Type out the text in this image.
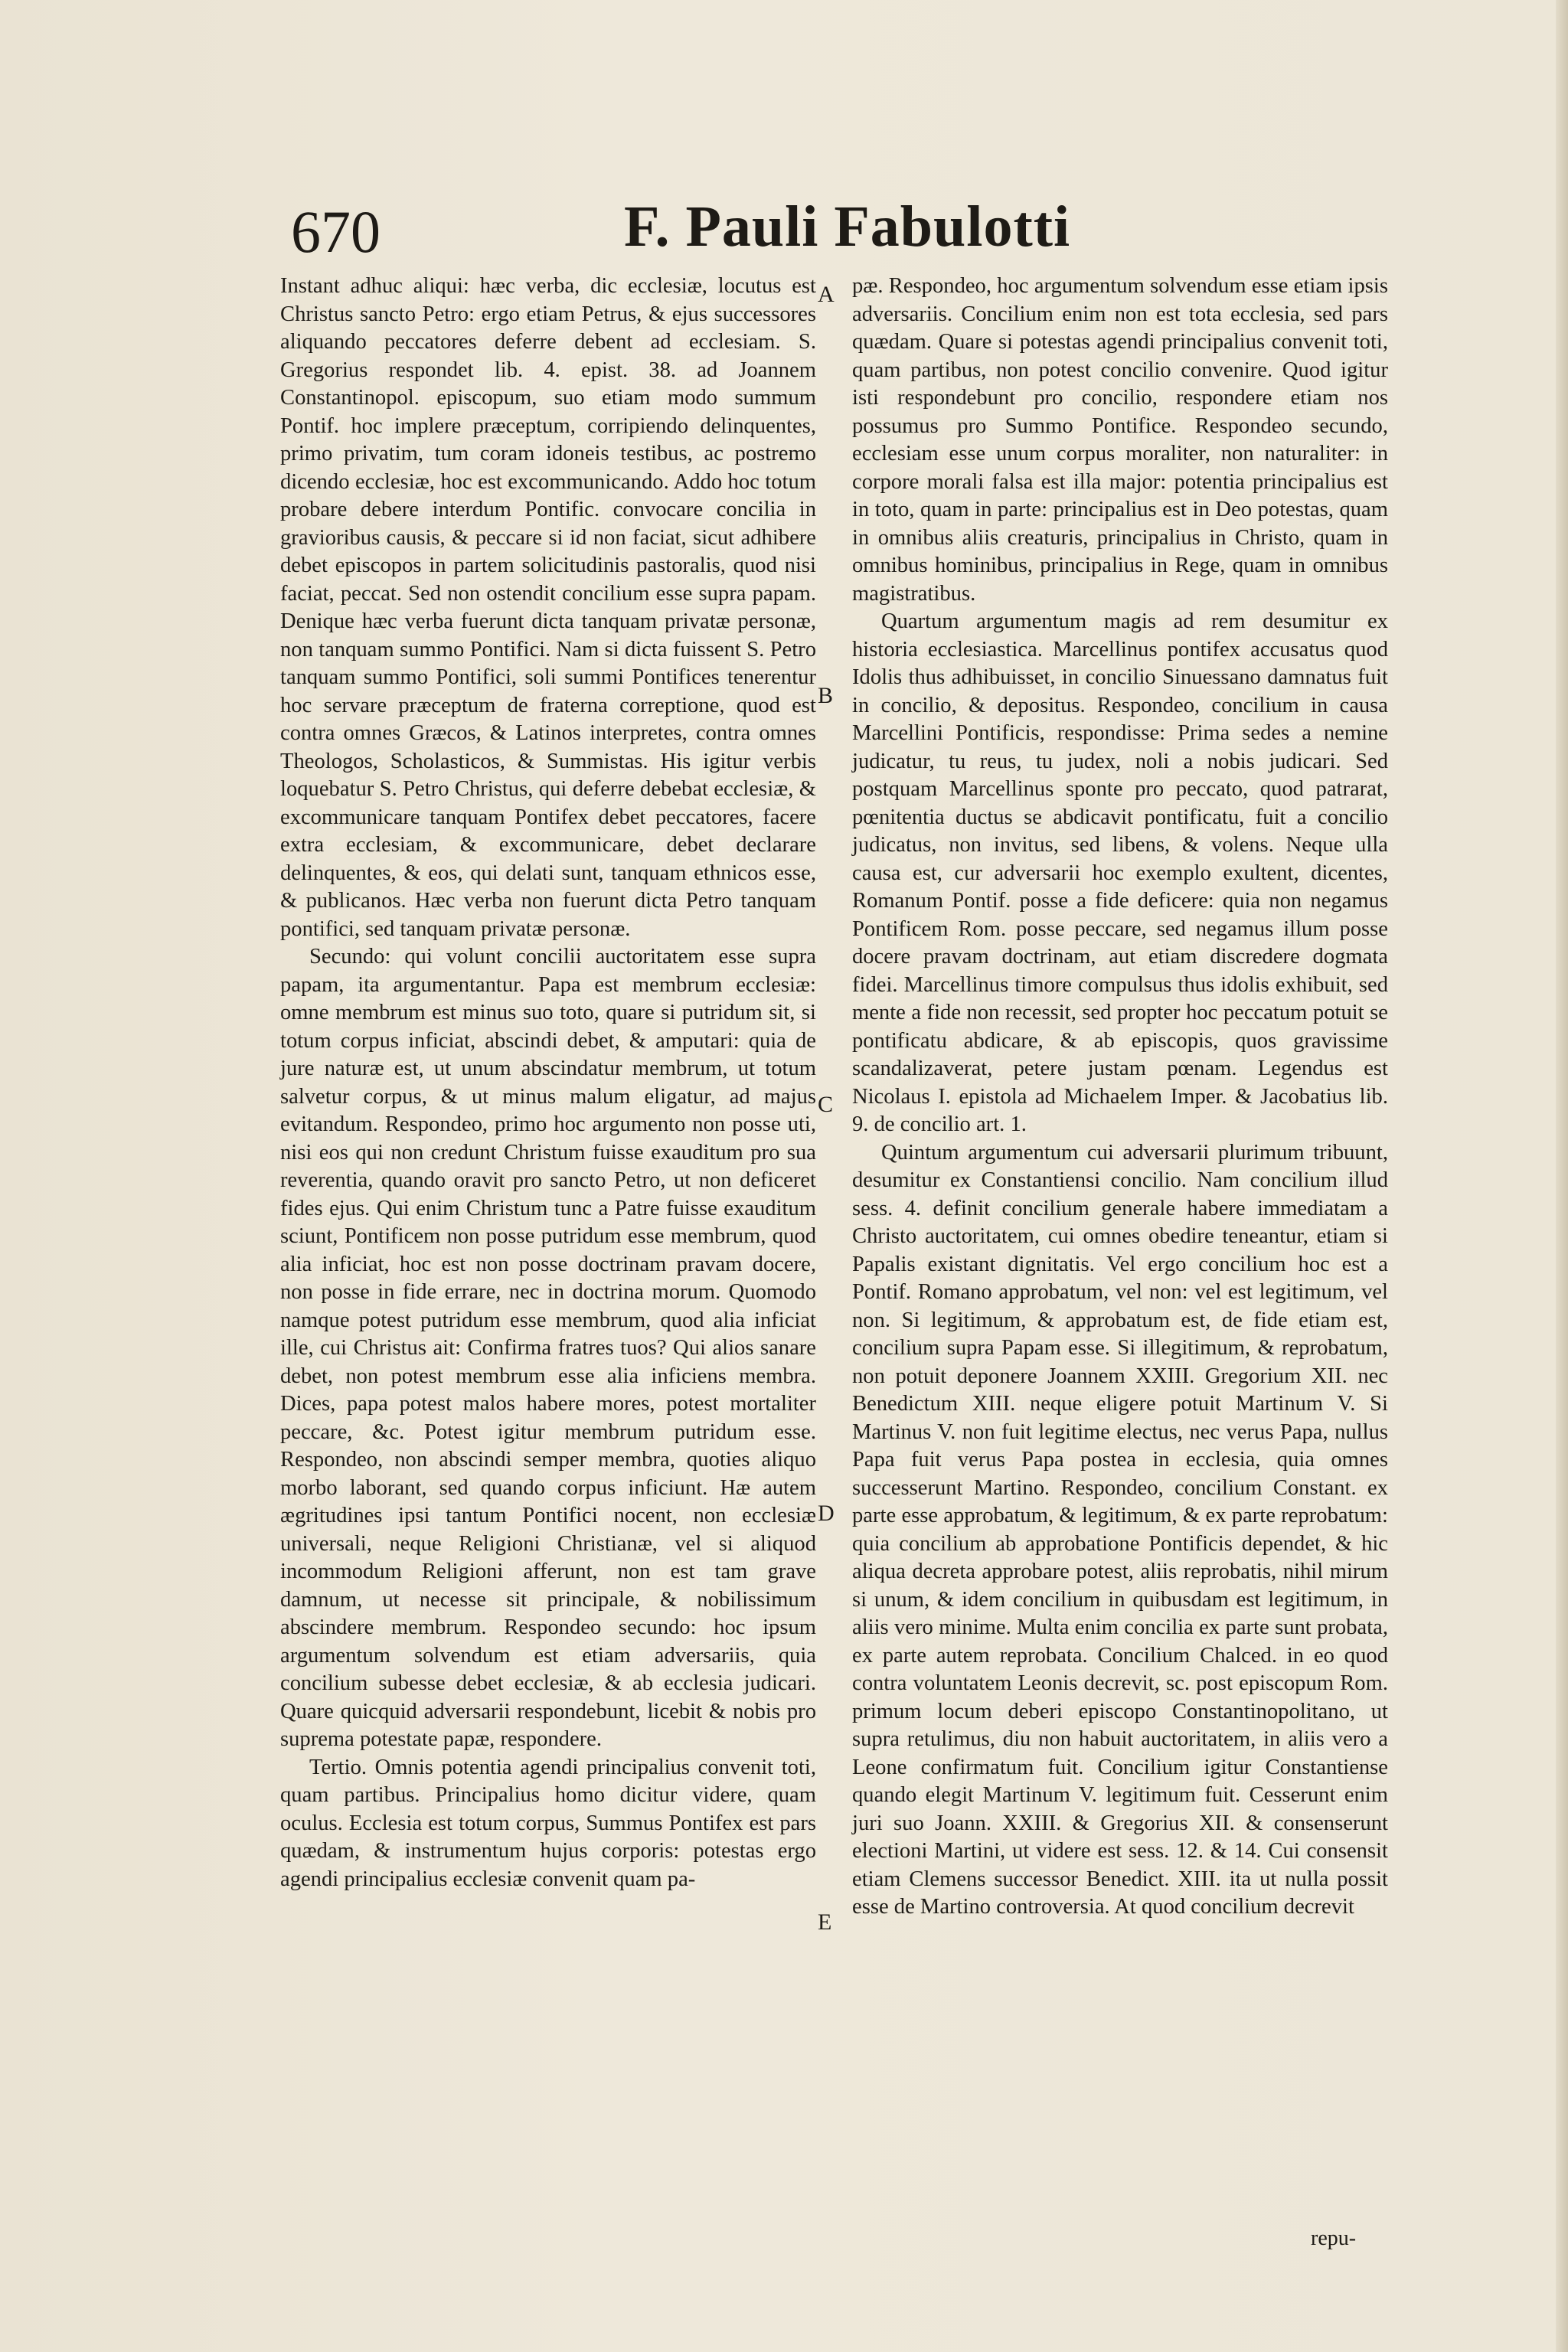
670	F. Pauli Fabulotti

Instant adhuc aliqui: hæc verba, dic ecclesiæ, locutus est Christus sancto Petro: ergo etiam Petrus, & ejus successores aliquando peccatores deferre debent ad ecclesiam. S. Gregorius respondet lib. 4. epist. 38. ad Joannem Constantinopol. episcopum, suo etiam modo summum Pontif. hoc implere præceptum, corripiendo delinquentes, primo privatim, tum coram idoneis testibus, ac postremo dicendo ecclesiæ, hoc est excommunicando. Addo hoc totum probare debere interdum Pontific. convocare concilia in gravioribus causis, & peccare si id non faciat, sicut adhibere debet episcopos in partem solicitudinis pastoralis, quod nisi faciat, peccat. Sed non ostendit concilium esse supra papam. Denique hæc verba fuerunt dicta tanquam privatæ personæ, non tanquam summo Pontifici. Nam si dicta fuissent S. Petro tanquam summo Pontifici, soli summi Pontifices tenerentur hoc servare præceptum de fraterna correptione, quod est contra omnes Græcos, & Latinos interpretes, contra omnes Theologos, Scholasticos, & Summistas. His igitur verbis loquebatur S. Petro Christus, qui deferre debebat ecclesiæ, & excommunicare tanquam Pontifex debet peccatores, facere extra ecclesiam, & excommunicare, debet declarare delinquentes, & eos, qui delati sunt, tanquam ethnicos esse, & publicanos. Hæc verba non fuerunt dicta Petro tanquam pontifici, sed tanquam privatæ personæ.

Secundo: qui volunt concilii auctoritatem esse supra papam, ita argumentantur. Papa est membrum ecclesiæ: omne membrum est minus suo toto, quare si putridum sit, si totum corpus inficiat, abscindi debet, & amputari: quia de jure naturæ est, ut unum abscindatur membrum, ut totum salvetur corpus, & ut minus malum eligatur, ad majus evitandum. Respondeo, primo hoc argumento non posse uti, nisi eos qui non credunt Christum fuisse exauditum pro sua reverentia, quando oravit pro sancto Petro, ut non deficeret fides ejus. Qui enim Christum tunc a Patre fuisse exauditum sciunt, Pontificem non posse putridum esse membrum, quod alia inficiat, hoc est non posse doctrinam pravam docere, non posse in fide errare, nec in doctrina morum. Quomodo namque potest putridum esse membrum, quod alia inficiat ille, cui Christus ait: Confirma fratres tuos? Qui alios sanare debet, non potest membrum esse alia inficiens membra. Dices, papa potest malos habere mores, potest mortaliter peccare, &c. Potest igitur membrum putridum esse. Respondeo, non abscindi semper membra, quoties aliquo morbo laborant, sed quando corpus inficiunt. Hæ autem ægritudines ipsi tantum Pontifici nocent, non ecclesiæ universali, neque Religioni Christianæ, vel si aliquod incommodum Religioni afferunt, non est tam grave damnum, ut necesse sit principale, & nobilissimum abscindere membrum. Respondeo secundo: hoc ipsum argumentum solvendum est etiam adversariis, quia concilium subesse debet ecclesiæ, & ab ecclesia judicari. Quare quicquid adversarii respondebunt, licebit & nobis pro suprema potestate papæ, respondere.

Tertio. Omnis potentia agendi principalius convenit toti, quam partibus. Principalius homo dicitur videre, quam oculus. Ecclesia est totum corpus, Summus Pontifex est pars quædam, & instrumentum hujus corporis: potestas ergo agendi principalius ecclesiæ convenit quam pa-

A
B
C
D
E

pæ. Respondeo, hoc argumentum solvendum esse etiam ipsis adversariis. Concilium enim non est tota ecclesia, sed pars quædam. Quare si potestas agendi principalius convenit toti, quam partibus, non potest concilio convenire. Quod igitur isti respondebunt pro concilio, respondere etiam nos possumus pro Summo Pontifice. Respondeo secundo, ecclesiam esse unum corpus moraliter, non naturaliter: in corpore morali falsa est illa major: potentia principalius est in toto, quam in parte: principalius est in Deo potestas, quam in omnibus aliis creaturis, principalius in Christo, quam in omnibus hominibus, principalius in Rege, quam in omnibus magistratibus.

Quartum argumentum magis ad rem desumitur ex historia ecclesiastica. Marcellinus pontifex accusatus quod Idolis thus adhibuisset, in concilio Sinuessano damnatus fuit in concilio, & depositus. Respondeo, concilium in causa Marcellini Pontificis, respondisse: Prima sedes a nemine judicatur, tu reus, tu judex, noli a nobis judicari. Sed postquam Marcellinus sponte pro peccato, quod patrarat, pœnitentia ductus se abdicavit pontificatu, fuit a concilio judicatus, non invitus, sed libens, & volens. Neque ulla causa est, cur adversarii hoc exemplo exultent, dicentes, Romanum Pontif. posse a fide deficere: quia non negamus Pontificem Rom. posse peccare, sed negamus illum posse docere pravam doctrinam, aut etiam discredere dogmata fidei. Marcellinus timore compulsus thus idolis exhibuit, sed mente a fide non recessit, sed propter hoc peccatum potuit se pontificatu abdicare, & ab episcopis, quos gravissime scandalizaverat, petere justam pœnam. Legendus est Nicolaus I. epistola ad Michaelem Imper. & Jacobatius lib. 9. de concilio art. 1.

Quintum argumentum cui adversarii plurimum tribuunt, desumitur ex Constantiensi concilio. Nam concilium illud sess. 4. definit concilium generale habere immediatam a Christo auctoritatem, cui omnes obedire teneantur, etiam si Papalis existant dignitatis. Vel ergo concilium hoc est a Pontif. Romano approbatum, vel non: vel est legitimum, vel non. Si legitimum, & approbatum est, de fide etiam est, concilium supra Papam esse. Si illegitimum, & reprobatum, non potuit deponere Joannem XXIII. Gregorium XII. nec Benedictum XIII. neque eligere potuit Martinum V. Si Martinus V. non fuit legitime electus, nec verus Papa, nullus Papa fuit verus Papa postea in ecclesia, quia omnes successerunt Martino. Respondeo, concilium Constant. ex parte esse approbatum, & legitimum, & ex parte reprobatum: quia concilium ab approbatione Pontificis dependet, & hic aliqua decreta approbare potest, aliis reprobatis, nihil mirum si unum, & idem concilium in quibusdam est legitimum, in aliis vero minime. Multa enim concilia ex parte sunt probata, ex parte autem reprobata. Concilium Chalced. in eo quod contra voluntatem Leonis decrevit, sc. post episcopum Rom. primum locum deberi episcopo Constantinopolitano, ut supra retulimus, diu non habuit auctoritatem, in aliis vero a Leone confirmatum fuit. Concilium igitur Constantiense quando elegit Martinum V. legitimum fuit. Cesserunt enim juri suo Joann. XXIII. & Gregorius XII. & consenserunt electioni Martini, ut videre est sess. 12. & 14. Cui consensit etiam Clemens successor Benedict. XIII. ita ut nulla possit esse de Martino controversia. At quod concilium decrevit

repu-
